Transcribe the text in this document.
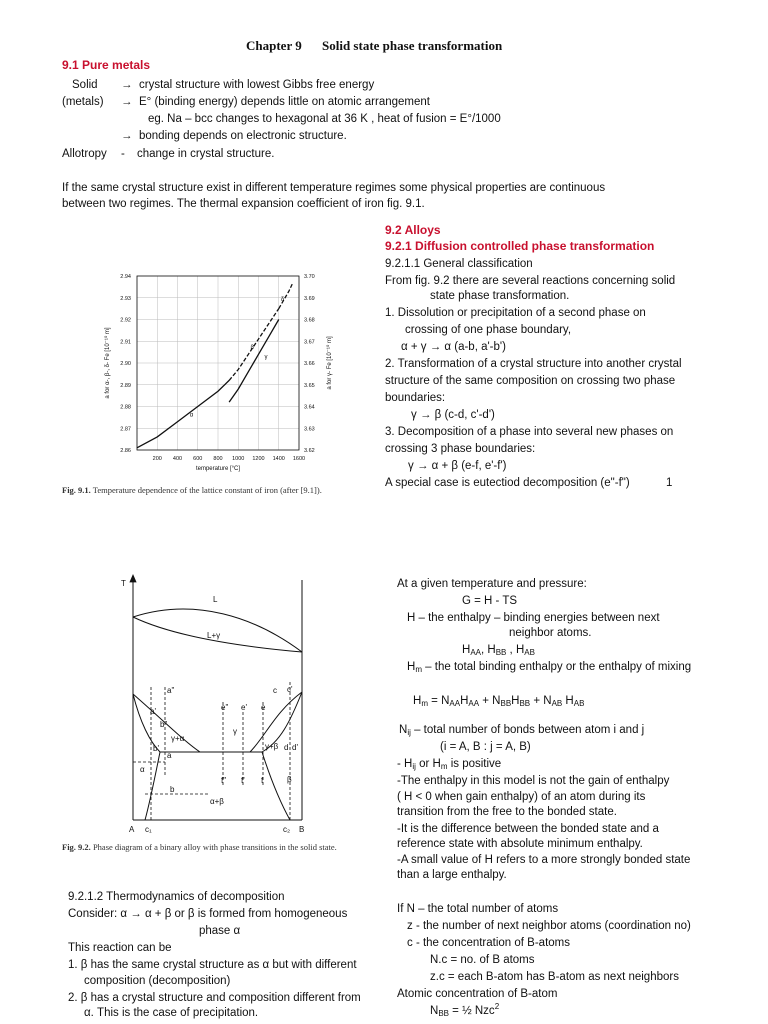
Chapter 9 Solid state phase transformation
9.1 Pure metals
Solid → crystal structure with lowest Gibbs free energy
(metals) → E° (binding energy) depends little on atomic arrangement
eg. Na – bcc changes to hexagonal at 36 K , heat of fusion = E°/1000
→ bonding depends on electronic structure.
Allotropy - change in crystal structure.
If the same crystal structure exist in different temperature regimes some physical properties are continuous
between two regimes. The thermal expansion coefficient of iron fig. 9.1.
2.86
2.87
2.88
2.89
2.90
2.91
2.92
2.93
2.94
3.62
3.63
3.64
3.65
3.66
3.67
3.68
3.69
3.70
200 400 600 800 1000 1200 1400 1600
temperature [°C]
a for α-, β-, δ- Fe [10⁻¹⁰ m]	a for γ- Fe [10⁻¹⁰ m]
α
β
δ
γ
Fig. 9.1. Temperature dependence of the lattice constant of iron (after [9.1]).
9.2 Alloys
9.2.1 Diffusion controlled phase transformation
9.2.1.1 General classification
From fig. 9.2 there are several reactions concerning solid
state phase transformation.
1. Dissolution or precipitation of a second phase on
crossing of one phase boundary,
α + γ → α (a-b, a'-b')
2. Transformation of a crystal structure into another crystal
structure of the same composition on crossing two phase
boundaries:
γ → β (c-d, c'-d')
3. Decomposition of a phase into several new phases on
crossing 3 phase boundaries:
γ → α + β (e-f, e'-f')
A special case is eutectiod decomposition (e"-f")	1
T
L
L+γ
a"
a'
b"
γ+α
γ
γ+β
α
β
α+β
b'
a
b
c c'
d d'
e" e' e
f" f' f
A c₁	c₂ B
Fig. 9.2. Phase diagram of a binary alloy with phase transitions in the solid state.
At a given temperature and pressure:
G = H - TS
H – the enthalpy – binding energies between next
neighbor atoms.
$H_{AA}$, $H_{BB}$ , $H_{AB}$
$H_m$ – the total binding enthalpy or the enthalpy of mixing
$H_m = N_{AA}H_{AA} + N_{BB}H_{BB} + N_{AB}$ $H_{AB}$
$N_{ij}$ – total number of bonds between atom i and j
(i = A, B : j = A, B)
- $H_{ij}$ or $H_m$ is positive
-The enthalpy in this model is not the gain of enthalpy
( H < 0 when gain enthalpy) of an atom during its
transition from the free to the bonded state.
-It is the difference between the bonded state and a
reference state with absolute minimum enthalpy.
-A small value of H refers to a more strongly bonded state
than a large enthalpy.
9.2.1.2 Thermodynamics of decomposition
Consider: α → α + β or β is formed from homogeneous
phase α
This reaction can be
1. β has the same crystal structure as α but with different
composition (decomposition)
2. β has a crystal structure and composition different from
α. This is the case of precipitation.
If N – the total number of atoms
z - the number of next neighbor atoms (coordination no)
c - the concentration of B-atoms
N.c = no. of B atoms
z.c = each B-atom has B-atom as next neighbors
Atomic concentration of B-atom
$N_{BB}$ = ½ Nzc$^2$
